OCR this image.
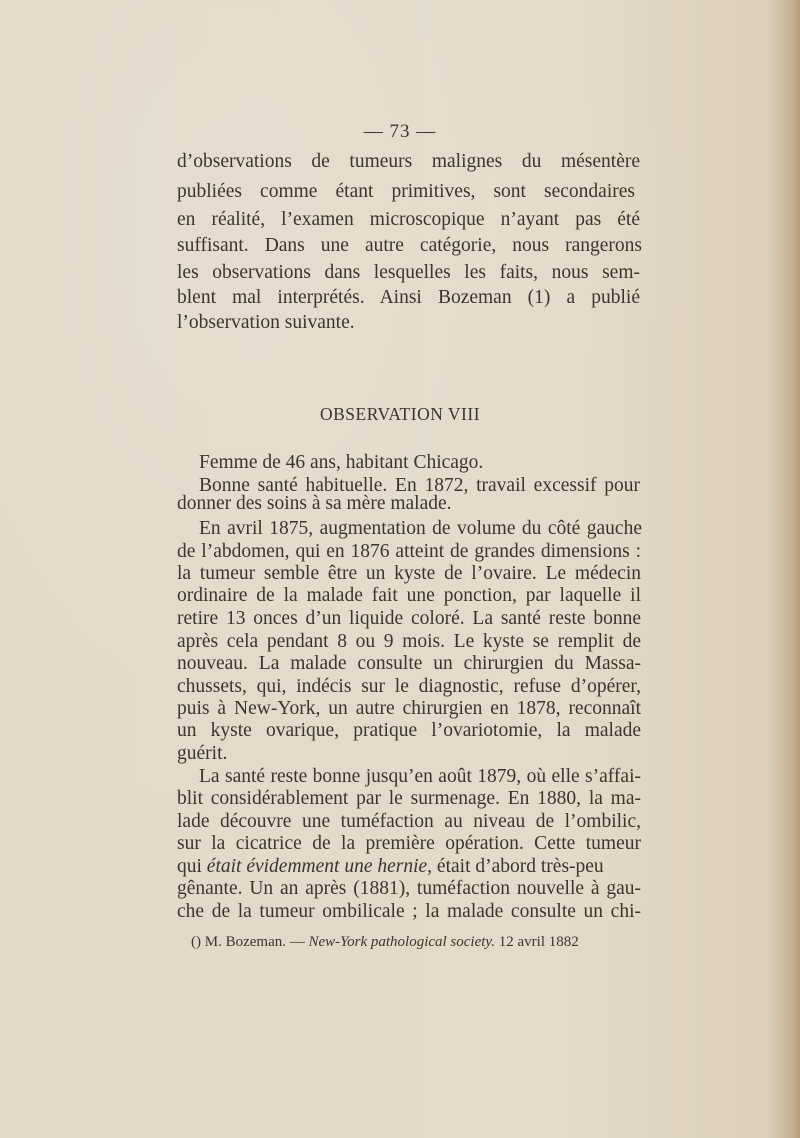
— 73 —
d’observations de tumeurs malignes du mésentère
publiées comme étant primitives, sont secondaires
en réalité, l’examen microscopique n’ayant pas été
suffisant. Dans une autre catégorie, nous rangerons
les observations dans lesquelles les faits, nous sem-
blent mal interprétés. Ainsi Bozeman (1) a publié
l’observation suivante.
OBSERVATION VIII
Femme de 46 ans, habitant Chicago.
Bonne santé habituelle. En 1872, travail excessif pour
donner des soins à sa mère malade.
En avril 1875, augmentation de volume du côté gauche
de l’abdomen, qui en 1876 atteint de grandes dimensions :
la tumeur semble être un kyste de l’ovaire. Le médecin
ordinaire de la malade fait une ponction, par laquelle il
retire 13 onces d’un liquide coloré. La santé reste bonne
après cela pendant 8 ou 9 mois. Le kyste se remplit de
nouveau. La malade consulte un chirurgien du Massa-
chussets, qui, indécis sur le diagnostic, refuse d’opérer,
puis à New-York, un autre chirurgien en 1878, reconnaît
un kyste ovarique, pratique l’ovariotomie, la malade
guérit.
La santé reste bonne jusqu’en août 1879, où elle s’affai-
blit considérablement par le surmenage. En 1880, la ma-
lade découvre une tuméfaction au niveau de l’ombilic,
sur la cicatrice de la première opération. Cette tumeur
qui était évidemment une hernie, était d’abord très-peu
gênante. Un an après (1881), tuméfaction nouvelle à gau-
che de la tumeur ombilicale ; la malade consulte un chi-
() M. Bozeman. — New-York pathological society. 12 avril 1882
